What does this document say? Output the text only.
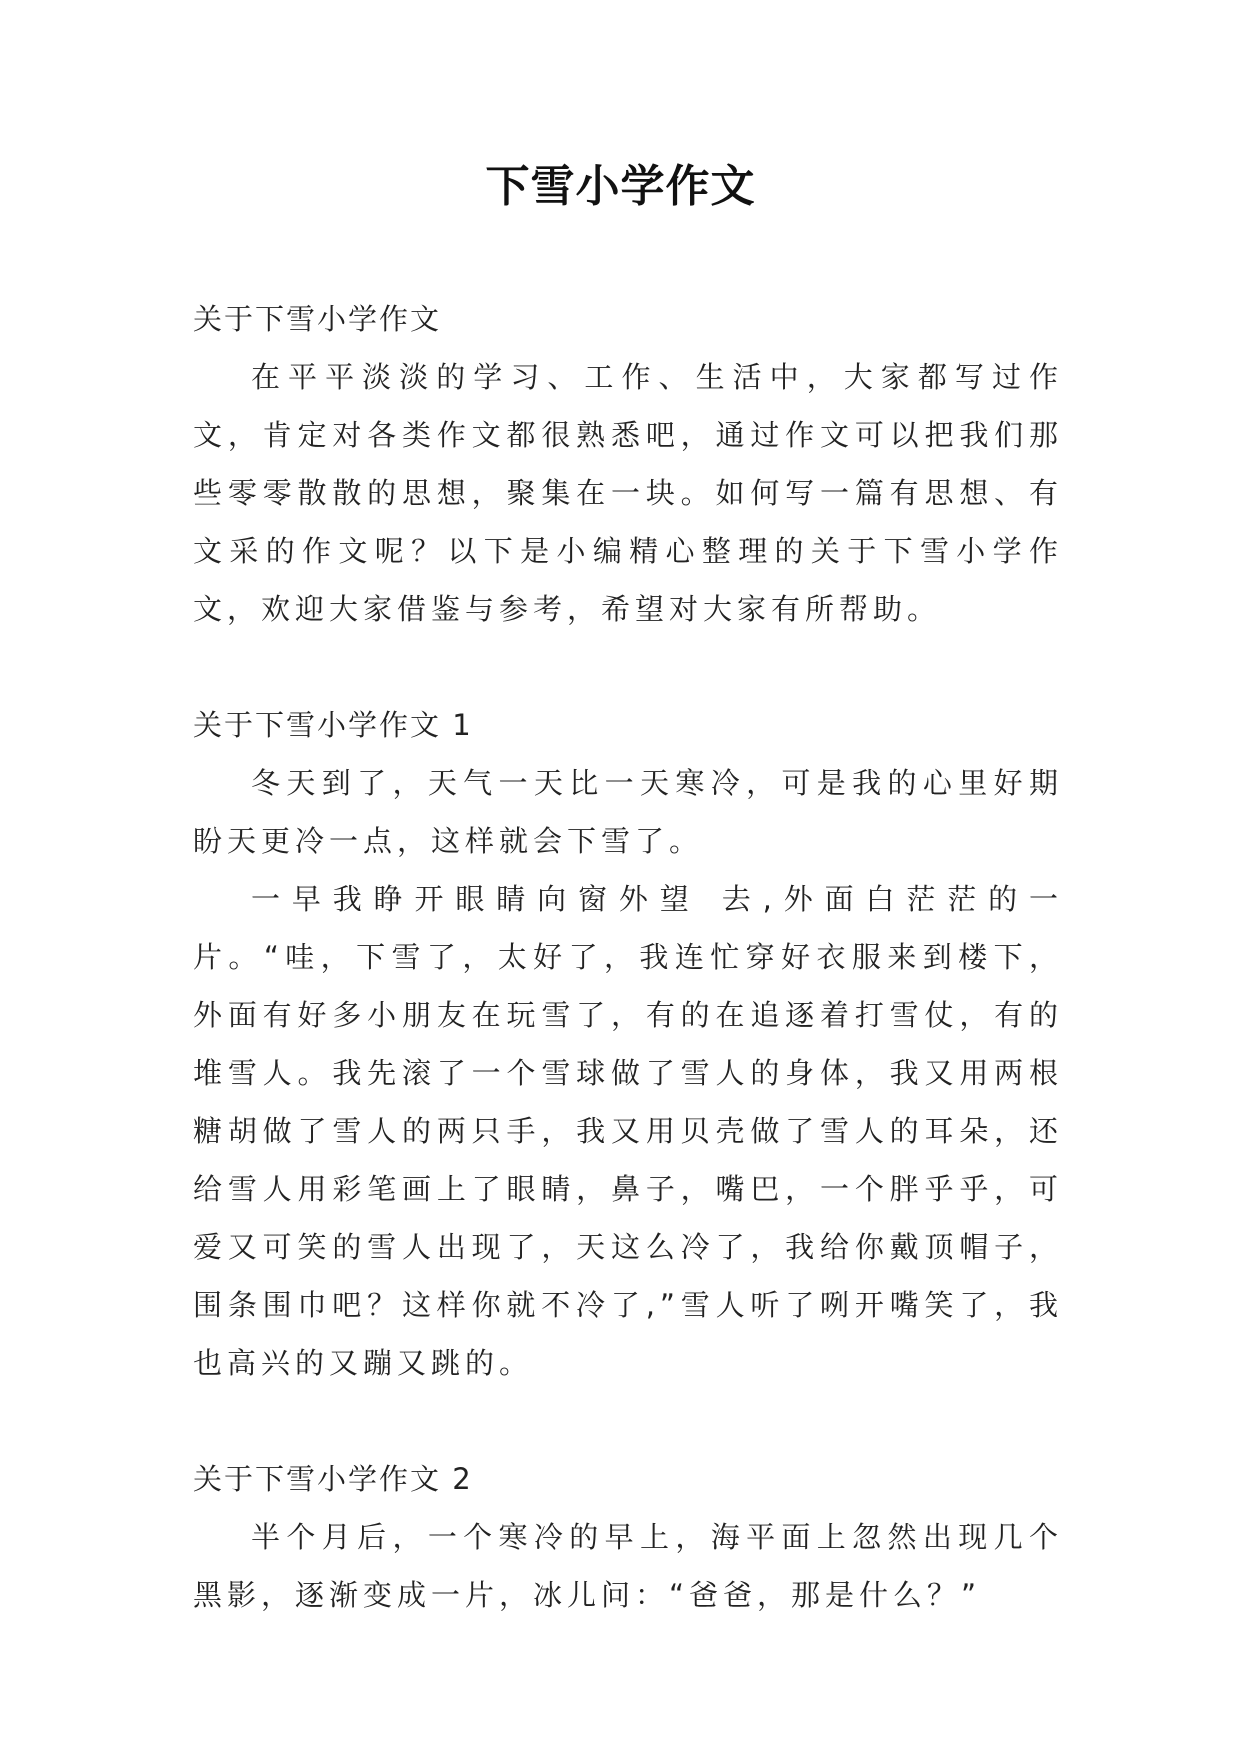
下雪小学作文
关于下雪小学作文

在平平淡淡的学习、工作、生活中，大家都写过作文，肯定对各类作文都很熟悉吧，通过作文可以把我们那些零零散散的思想，聚集在一块。如何写一篇有思想、有文采的作文呢？以下是小编精心整理的关于下雪小学作文，欢迎大家借鉴与参考，希望对大家有所帮助。

关于下雪小学作文 1

冬天到了，天气一天比一天寒冷，可是我的心里好期盼天更冷一点，这样就会下雪了。

一早我睁开眼睛向窗外望 去,外面白茫茫的一片。“哇，下雪了，太好了，我连忙穿好衣服来到楼下，外面有好多小朋友在玩雪了，有的在追逐着打雪仗，有的堆雪人。我先滚了一个雪球做了雪人的身体，我又用两根糖胡做了雪人的两只手，我又用贝壳做了雪人的耳朵，还给雪人用彩笔画上了眼睛，鼻子，嘴巴，一个胖乎乎，可爱又可笑的雪人出现了，天这么冷了，我给你戴顶帽子，围条围巾吧？这样你就不冷了,”雪人听了咧开嘴笑了，我也高兴的又蹦又跳的。

关于下雪小学作文 2

半个月后，一个寒冷的早上，海平面上忽然出现几个黑影，逐渐变成一片，冰儿问：“爸爸，那是什么？”
